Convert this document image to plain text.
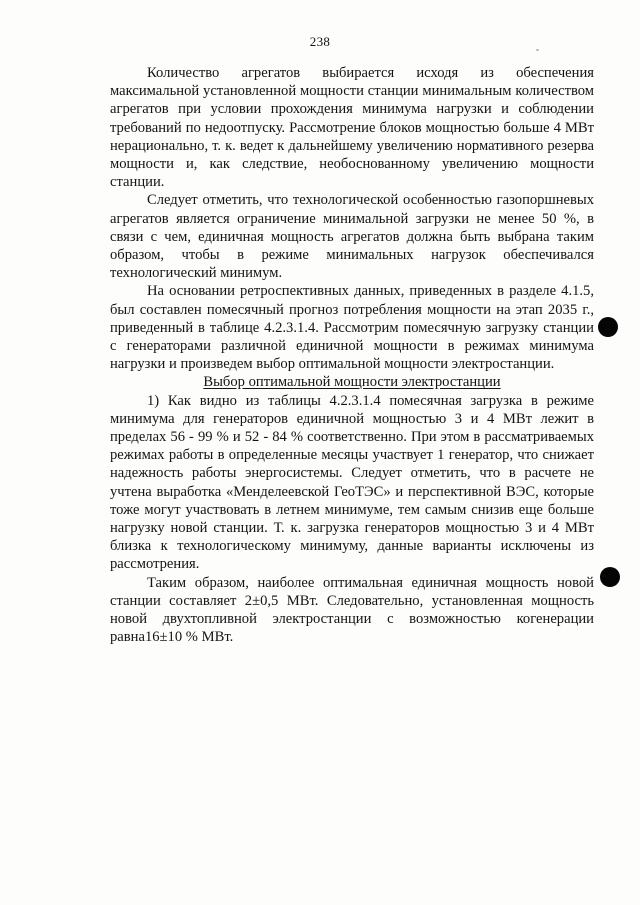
238

Количество агрегатов выбирается исходя из обеспечения максимальной установленной мощности станции минимальным количеством агрегатов при условии прохождения минимума нагрузки и соблюдении требований по недоотпуску. Рассмотрение блоков мощностью больше 4 МВт нерационально, т. к. ведет к дальнейшему увеличению нормативного резерва мощности и, как следствие, необоснованному увеличению мощности станции.

Следует отметить, что технологической особенностью газопоршневых агрегатов является ограничение минимальной загрузки не менее 50 %, в связи с чем, единичная мощность агрегатов должна быть выбрана таким образом, чтобы в режиме минимальных нагрузок обеспечивался технологический минимум.

На основании ретроспективных данных, приведенных в разделе 4.1.5, был составлен помесячный прогноз потребления мощности на этап 2035 г., приведенный в таблице 4.2.3.1.4. Рассмотрим помесячную загрузку станции с генераторами различной единичной мощности в режимах минимума нагрузки и произведем выбор оптимальной мощности электростанции.

Выбор оптимальной мощности электростанции

1) Как видно из таблицы 4.2.3.1.4 помесячная загрузка в режиме минимума для генераторов единичной мощностью 3 и 4 МВт лежит в пределах 56 - 99 % и 52 - 84 % соответственно. При этом в рассматриваемых режимах работы в определенные месяцы участвует 1 генератор, что снижает надежность работы энергосистемы. Следует отметить, что в расчете не учтена выработка «Менделеевской ГеоТЭС» и перспективной ВЭС, которые тоже могут участвовать в летнем минимуме, тем самым снизив еще больше нагрузку новой станции. Т. к. загрузка генераторов мощностью 3 и 4 МВт близка к технологическому минимуму, данные варианты исключены из рассмотрения.

Таким образом, наиболее оптимальная единичная мощность новой станции составляет 2±0,5 МВт. Следовательно, установленная мощность новой двухтопливной электростанции с возможностью когенерации равна16±10 % МВт.
